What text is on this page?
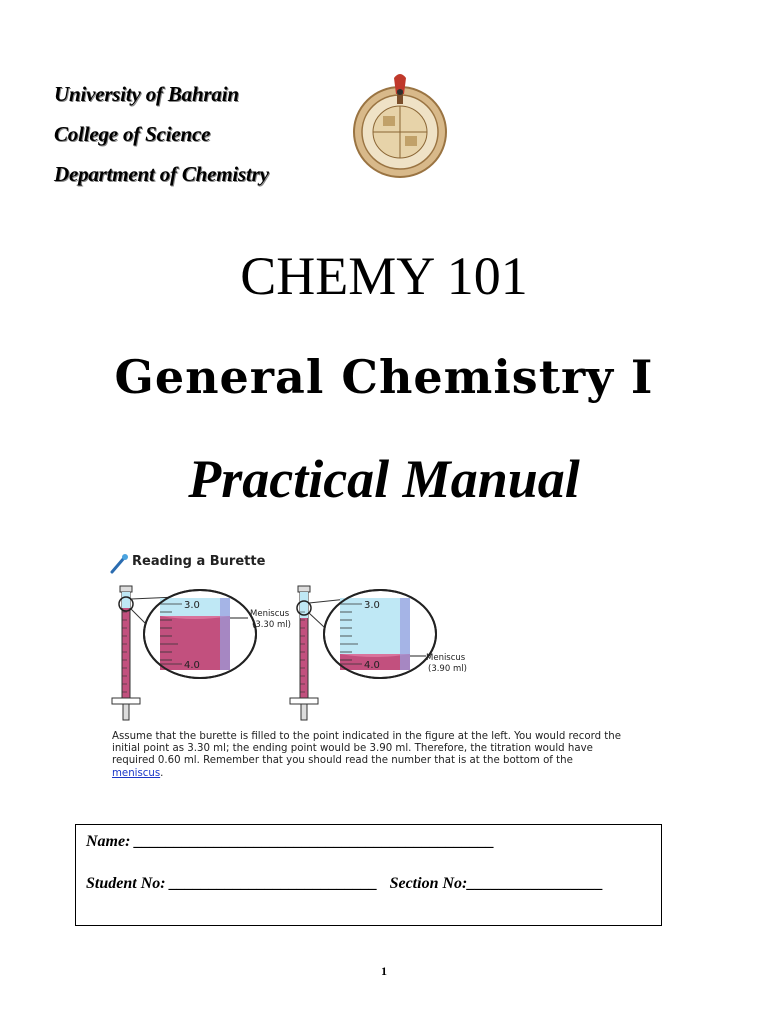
University of Bahrain
College of Science
Department of Chemistry
CHEMY 101
General Chemistry I
Practical Manual
3.0
4.0
Meniscus
(3.30 ml)
3.0
4.0
Meniscus
(3.90 ml)
Reading a Burette
Assume that the burette is filled to the point indicated in the figure at the left. You would record the initial point as 3.30 ml; the ending point would be 3.90 ml. Therefore, the titration would have required 0.60 ml. Remember that you should read the number that is at the bottom of the meniscus.
Name: _____________________________________________
Student No: __________________________ Section No:_________________
1
